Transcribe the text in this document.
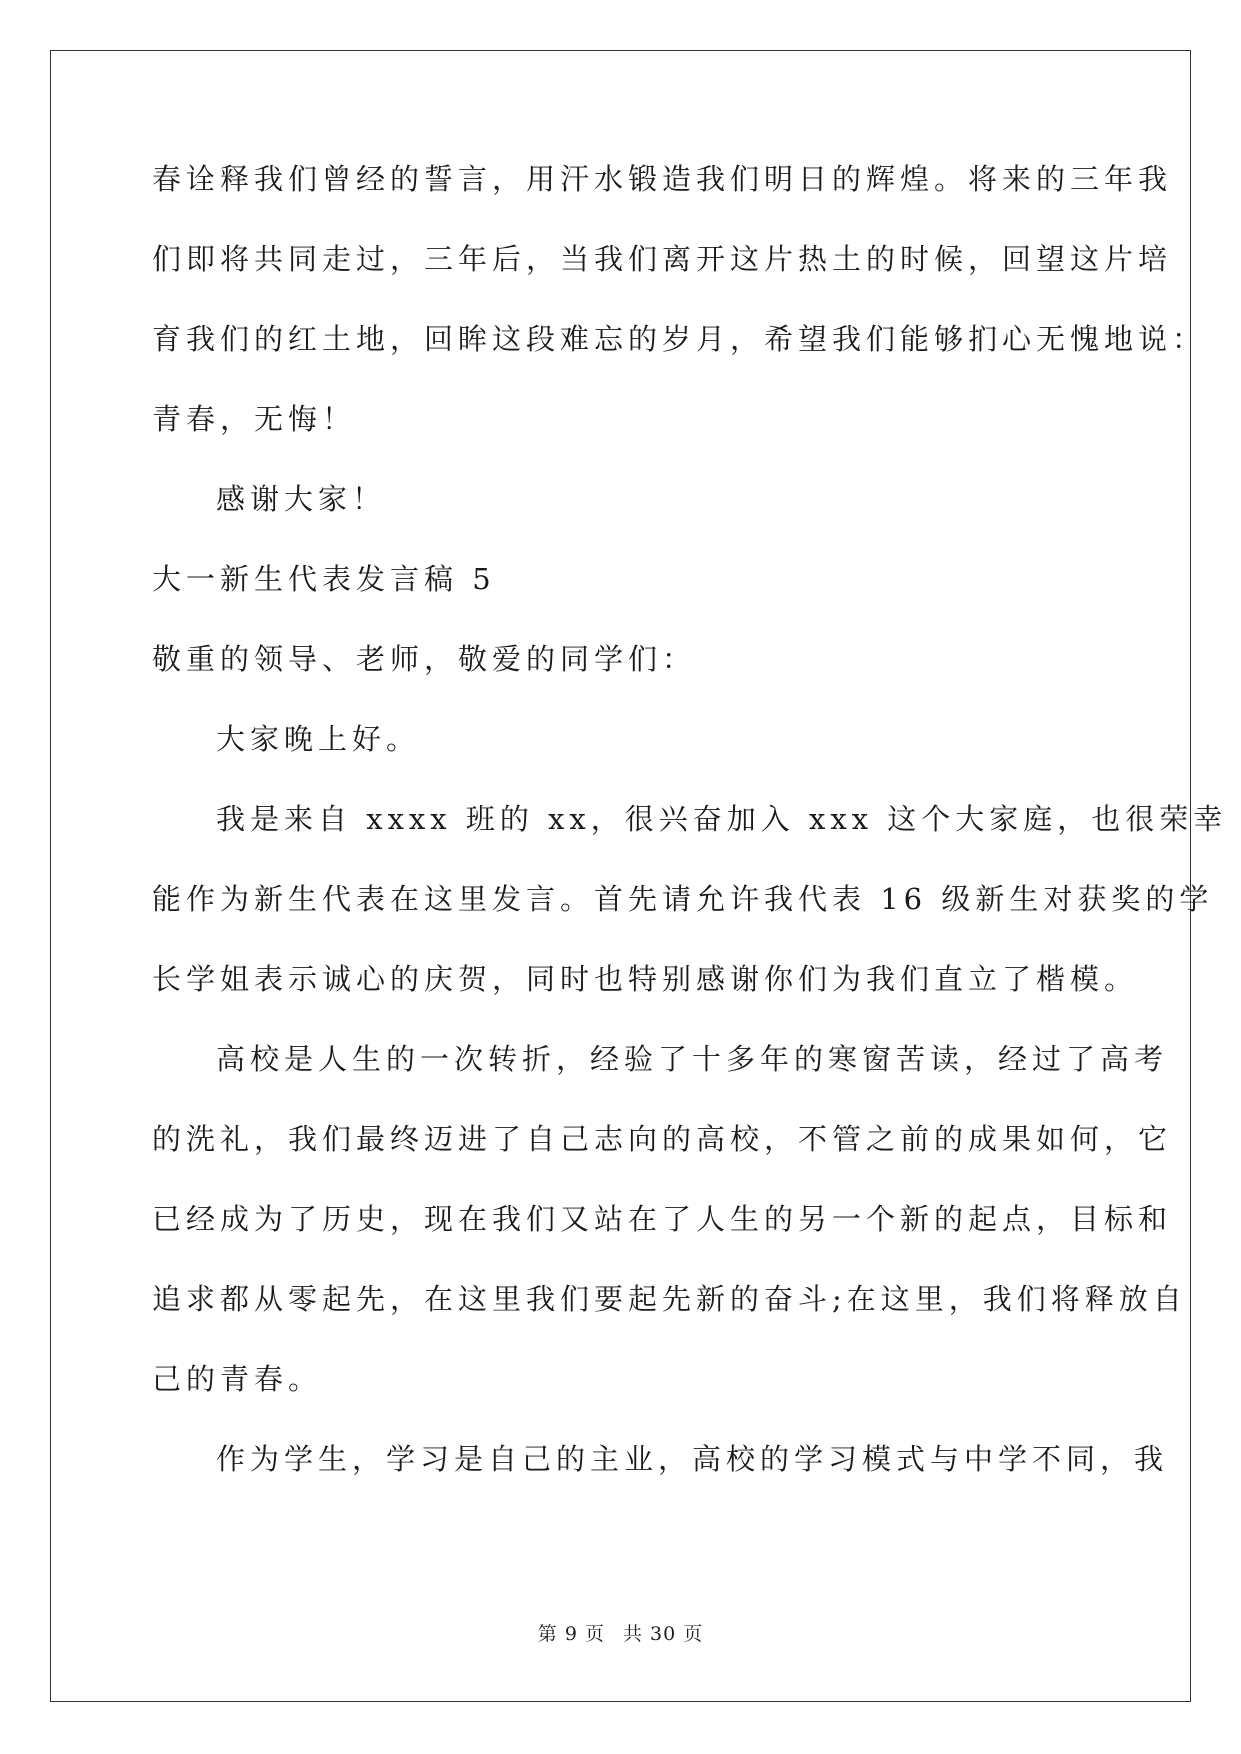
春诠释我们曾经的誓言，用汗水锻造我们明日的辉煌。将来的三年我
们即将共同走过，三年后，当我们离开这片热土的时候，回望这片培
育我们的红土地，回眸这段难忘的岁月，希望我们能够扪心无愧地说：
青春，无悔！
感谢大家！
大一新生代表发言稿 5
敬重的领导、老师，敬爱的同学们：
大家晚上好。
我是来自 xxxx 班的 xx，很兴奋加入 xxx 这个大家庭，也很荣幸
能作为新生代表在这里发言。首先请允许我代表 16 级新生对获奖的学
长学姐表示诚心的庆贺，同时也特别感谢你们为我们直立了楷模。
高校是人生的一次转折，经验了十多年的寒窗苦读，经过了高考
的洗礼，我们最终迈进了自己志向的高校，不管之前的成果如何，它
已经成为了历史，现在我们又站在了人生的另一个新的起点，目标和
追求都从零起先，在这里我们要起先新的奋斗;在这里，我们将释放自
己的青春。
作为学生，学习是自己的主业，高校的学习模式与中学不同，我
第 9 页 共 30 页
